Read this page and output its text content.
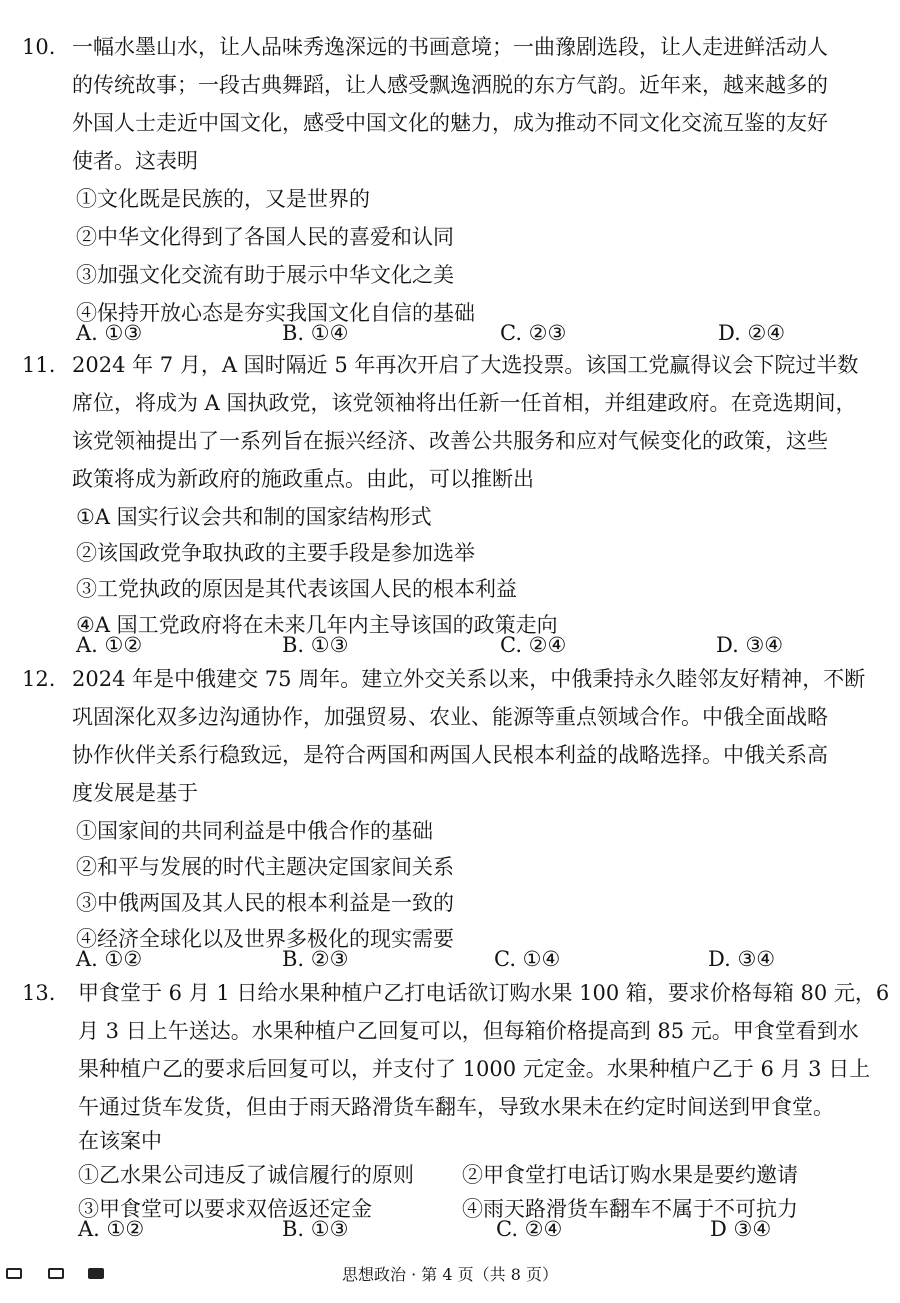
10. 一幅水墨山水，让人品味秀逸深远的书画意境；一曲豫剧选段，让人走进鲜活动人
的传统故事；一段古典舞蹈，让人感受飘逸洒脱的东方气韵。近年来，越来越多的
外国人士走近中国文化，感受中国文化的魅力，成为推动不同文化交流互鉴的友好
使者。这表明
①文化既是民族的，又是世界的
②中华文化得到了各国人民的喜爱和认同
③加强文化交流有助于展示中华文化之美
④保持开放心态是夯实我国文化自信的基础
A. ①③	B. ①④	C. ②③	D. ②④
11. 2024 年 7 月，A 国时隔近 5 年再次开启了大选投票。该国工党赢得议会下院过半数
席位，将成为 A 国执政党，该党领袖将出任新一任首相，并组建政府。在竞选期间，
该党领袖提出了一系列旨在振兴经济、改善公共服务和应对气候变化的政策，这些
政策将成为新政府的施政重点。由此，可以推断出
①A 国实行议会共和制的国家结构形式
②该国政党争取执政的主要手段是参加选举
③工党执政的原因是其代表该国人民的根本利益
④A 国工党政府将在未来几年内主导该国的政策走向
A. ①②	B. ①③	C. ②④	D. ③④
12. 2024 年是中俄建交 75 周年。建立外交关系以来，中俄秉持永久睦邻友好精神，不断
巩固深化双多边沟通协作，加强贸易、农业、能源等重点领域合作。中俄全面战略
协作伙伴关系行稳致远，是符合两国和两国人民根本利益的战略选择。中俄关系高
度发展是基于
①国家间的共同利益是中俄合作的基础
②和平与发展的时代主题决定国家间关系
③中俄两国及其人民的根本利益是一致的
④经济全球化以及世界多极化的现实需要
A. ①②	B. ②③	C. ①④	D. ③④
13. 甲食堂于 6 月 1 日给水果种植户乙打电话欲订购水果 100 箱，要求价格每箱 80 元，6
月 3 日上午送达。水果种植户乙回复可以，但每箱价格提高到 85 元。甲食堂看到水
果种植户乙的要求后回复可以，并支付了 1000 元定金。水果种植户乙于 6 月 3 日上
午通过货车发货，但由于雨天路滑货车翻车，导致水果未在约定时间送到甲食堂。
在该案中
①乙水果公司违反了诚信履行的原则 ②甲食堂打电话订购水果是要约邀请
③甲食堂可以要求双倍返还定金	④雨天路滑货车翻车不属于不可抗力
A. ①②	B. ①③	C. ②④	D ③④
思想政治 · 第 4 页（共 8 页）
